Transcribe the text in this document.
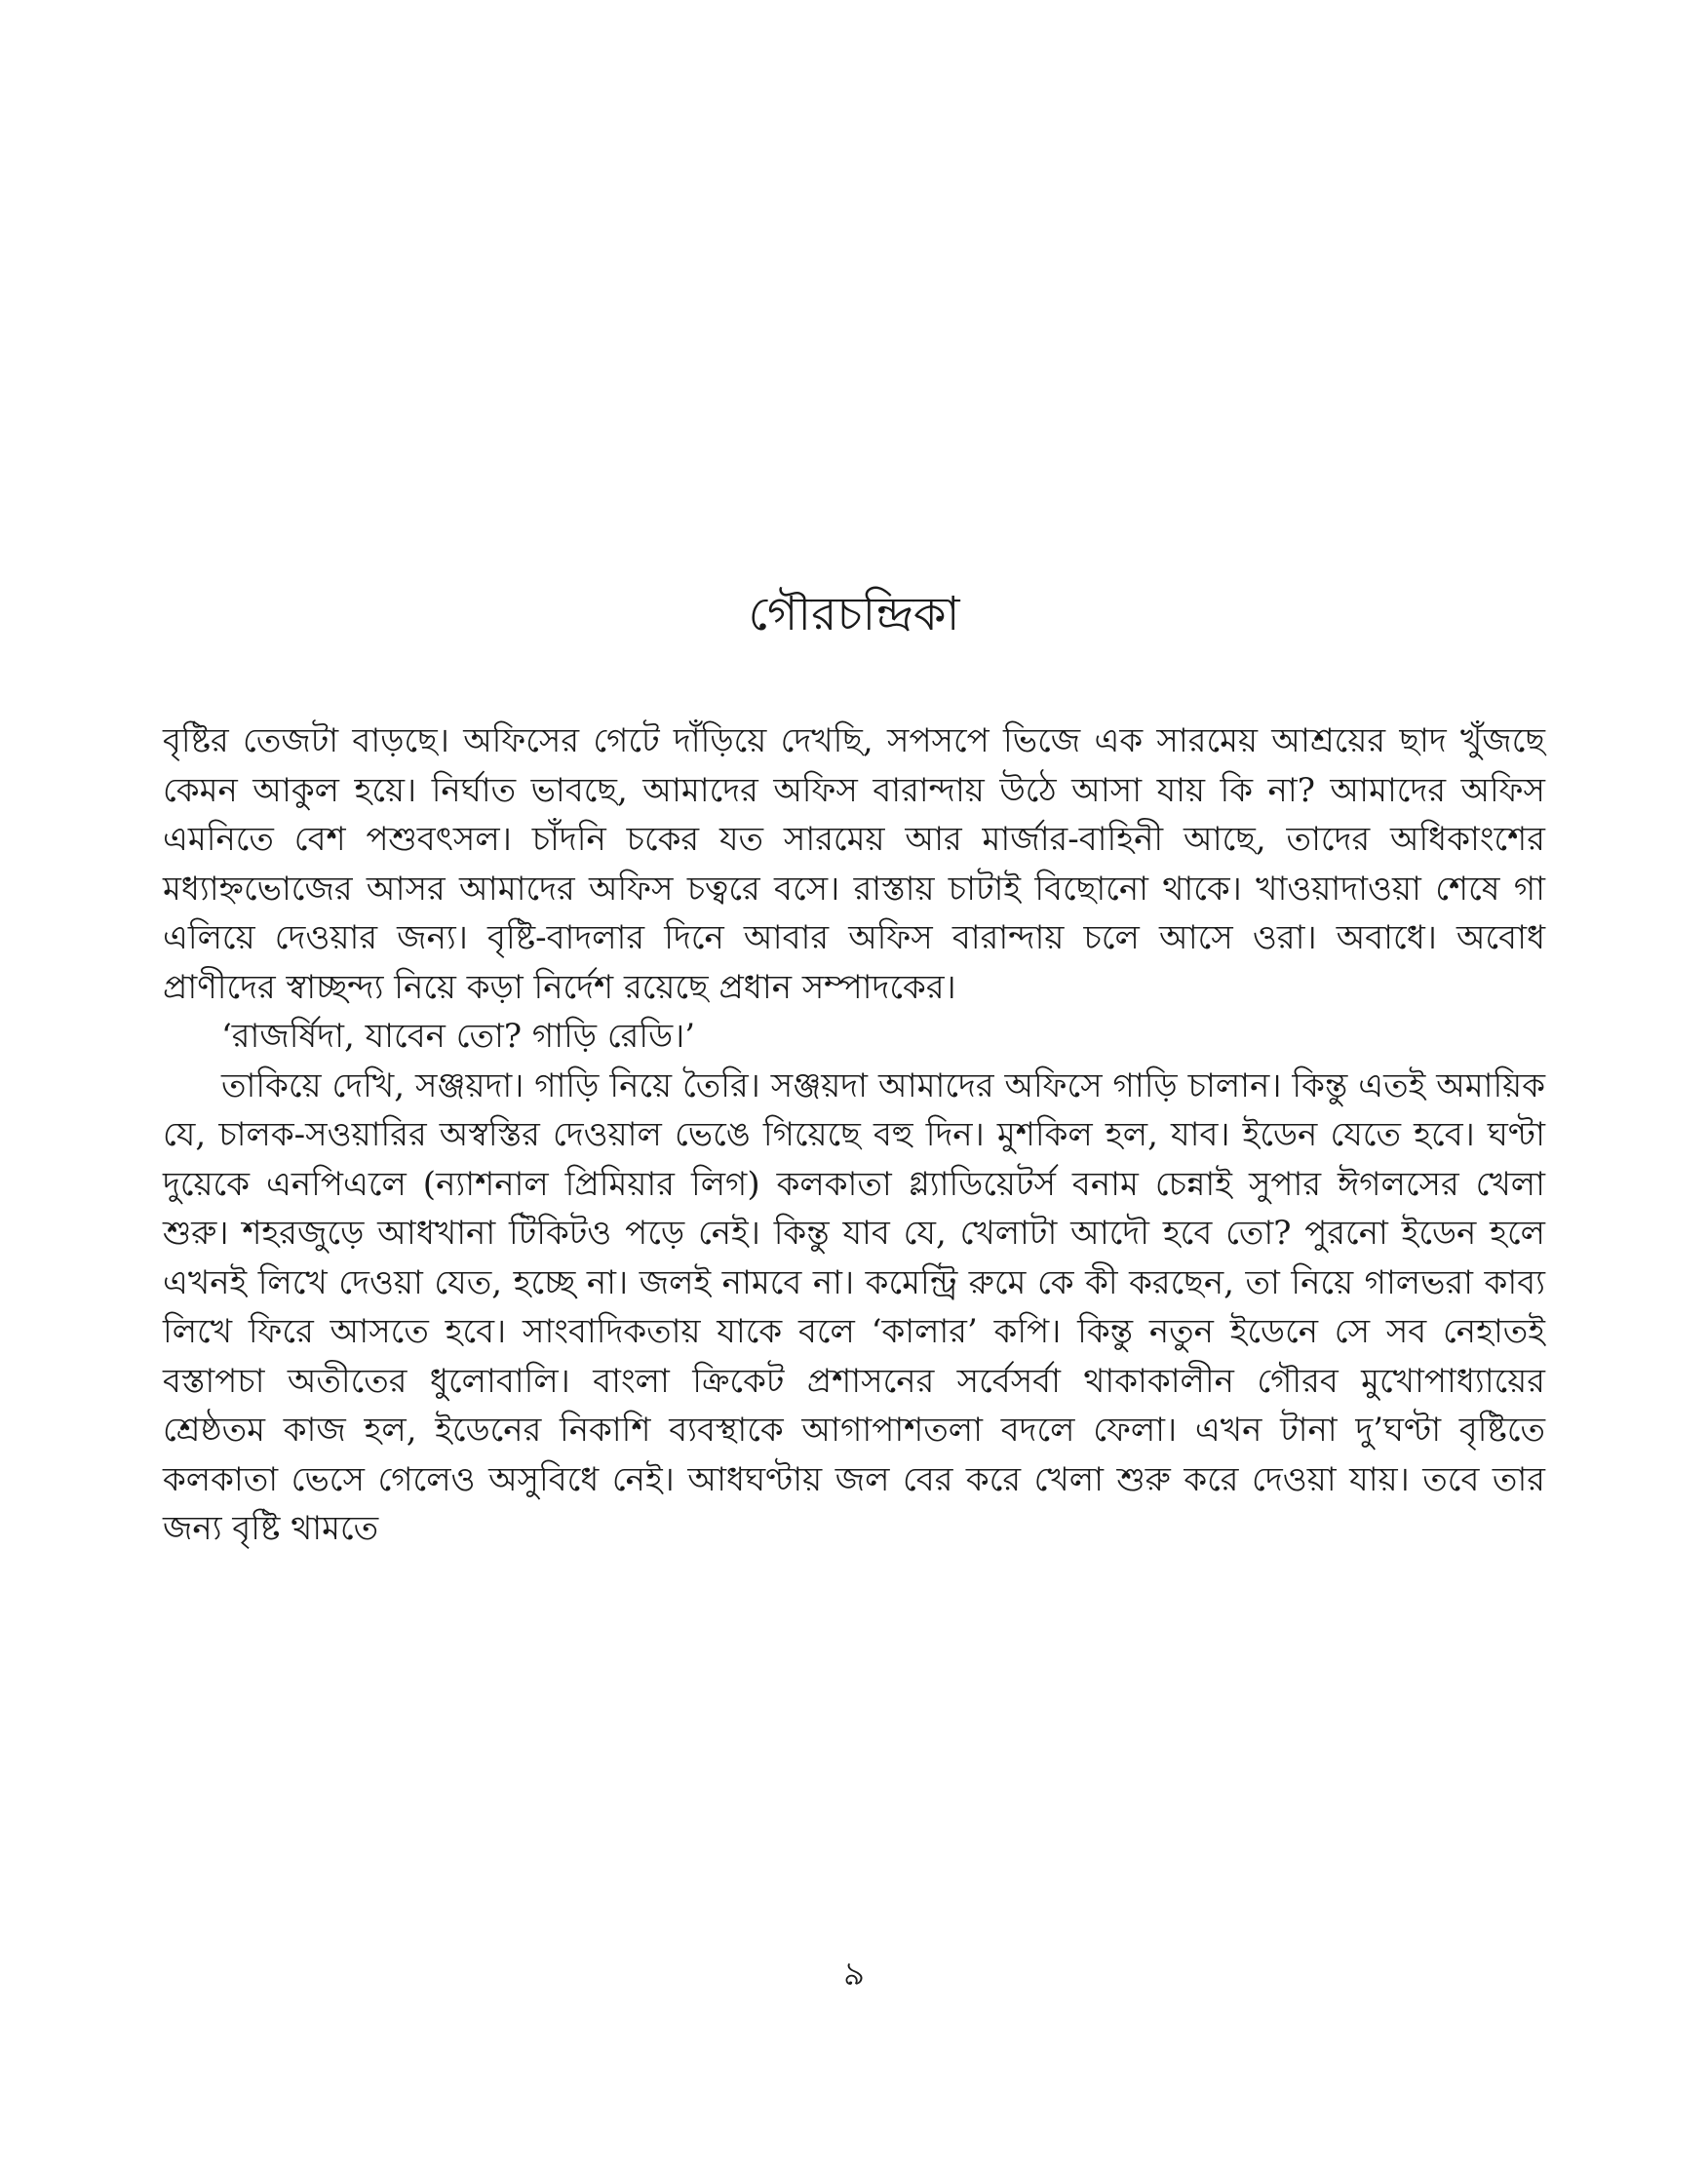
গৌরচন্দ্রিকা

বৃষ্টির তেজটা বাড়ছে। অফিসের গেটে দাঁড়িয়ে দেখছি, সপসপে ভিজে এক সারমেয় আশ্রয়ের ছাদ খুঁজছে কেমন আকুল হয়ে। নির্ঘাত ভাবছে, আমাদের অফিস বারান্দায় উঠে আসা যায় কি না? আমাদের অফিস এমনিতে বেশ পশুবৎসল। চাঁদনি চকের যত সারমেয় আর মার্জার-বাহিনী আছে, তাদের অধিকাংশের মধ্যাহ্নভোজের আসর আমাদের অফিস চত্বরে বসে। রাস্তায় চাটাই বিছোনো থাকে। খাওয়াদাওয়া শেষে গা এলিয়ে দেওয়ার জন্য। বৃষ্টি-বাদলার দিনে আবার অফিস বারান্দায় চলে আসে ওরা। অবাধে। অবোধ প্রাণীদের স্বাচ্ছন্দ্য নিয়ে কড়া নির্দেশ রয়েছে প্রধান সম্পাদকের।

‘রাজর্ষিদা, যাবেন তো? গাড়ি রেডি।’

তাকিয়ে দেখি, সঞ্জয়দা। গাড়ি নিয়ে তৈরি। সঞ্জয়দা আমাদের অফিসে গাড়ি চালান। কিন্তু এতই অমায়িক যে, চালক-সওয়ারির অস্বস্তির দেওয়াল ভেঙে গিয়েছে বহু দিন। মুশকিল হল, যাব। ইডেন যেতে হবে। ঘণ্টা দুয়েকে এনপিএলে (ন্যাশনাল প্রিমিয়ার লিগ) কলকাতা গ্ল্যাডিয়েটর্স বনাম চেন্নাই সুপার ঈগলসের খেলা শুরু। শহরজুড়ে আধখানা টিকিটও পড়ে নেই। কিন্তু যাব যে, খেলাটা আদৌ হবে তো? পুরনো ইডেন হলে এখনই লিখে দেওয়া যেত, হচ্ছে না। জলই নামবে না। কমেন্ট্রি রুমে কে কী করছেন, তা নিয়ে গালভরা কাব্য লিখে ফিরে আসতে হবে। সাংবাদিকতায় যাকে বলে ‘কালার’ কপি। কিন্তু নতুন ইডেনে সে সব নেহাতই বস্তাপচা অতীতের ধুলোবালি। বাংলা ক্রিকেট প্রশাসনের সর্বেসর্বা থাকাকালীন গৌরব মুখোপাধ্যায়ের শ্রেষ্ঠতম কাজ হল, ইডেনের নিকাশি ব্যবস্থাকে আগাপাশতলা বদলে ফেলা। এখন টানা দু’ঘণ্টা বৃষ্টিতে কলকাতা ভেসে গেলেও অসুবিধে নেই। আধঘণ্টায় জল বের করে খেলা শুরু করে দেওয়া যায়। তবে তার জন্য বৃষ্টি থামতে

৯
